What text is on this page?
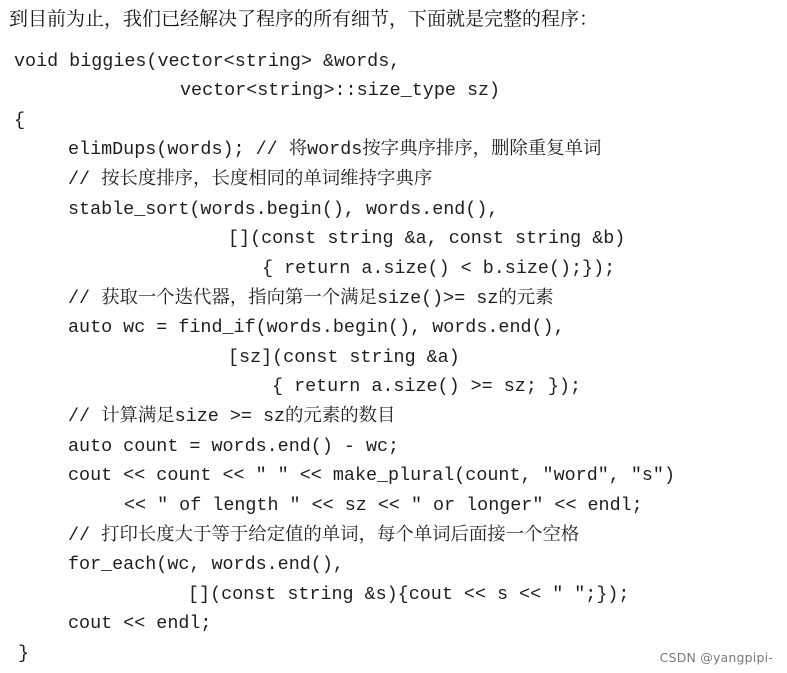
到目前为止，我们已经解决了程序的所有细节，下面就是完整的程序：
void biggies(vector<string> &words,
vector<string>::size_type sz)
{
elimDups(words); // 将words按字典序排序，删除重复单词
// 按长度排序，长度相同的单词维持字典序
stable_sort(words.begin(), words.end(),
[](const string &a, const string &b)
{ return a.size() < b.size();});
// 获取一个迭代器，指向第一个满足size()>= sz的元素
auto wc = find_if(words.begin(), words.end(),
[sz](const string &a)
{ return a.size() >= sz; });
// 计算满足size >= sz的元素的数目
auto count = words.end() - wc;
cout << count << " " << make_plural(count, "word", "s")
<< " of length " << sz << " or longer" << endl;
// 打印长度大于等于给定值的单词，每个单词后面接一个空格
for_each(wc, words.end(),
[](const string &s){cout << s << " ";});
cout << endl;
}	CSDN @yangpipi-
